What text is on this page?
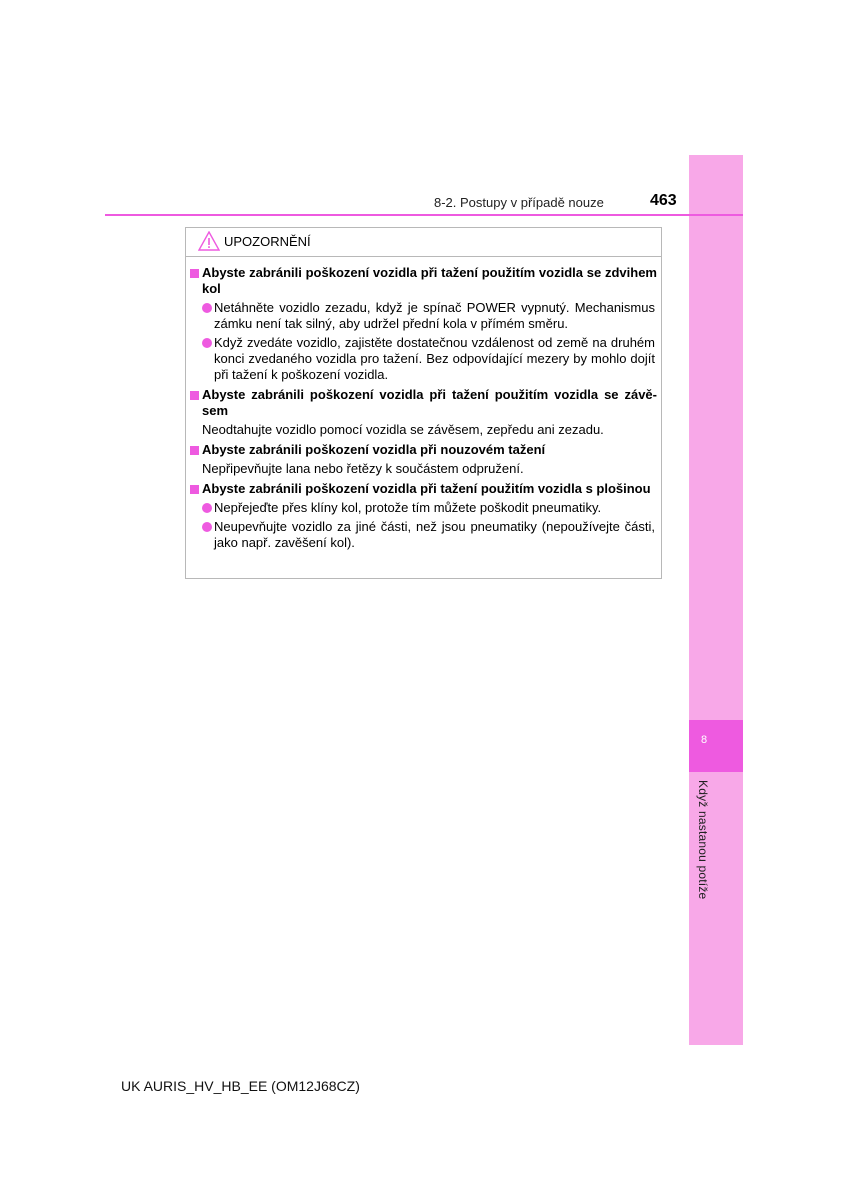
8
Když nastanou potíže
8-2. Postupy v případě nouze	463
UPOZORNĚNÍ
Abyste zabránili poškození vozidla při tažení použitím vozidla se zdvihem kol
Netáhněte vozidlo zezadu, když je spínač POWER vypnutý. Mechanismus zámku není tak silný, aby udržel přední kola v přímém směru.
Když zvedáte vozidlo, zajistěte dostatečnou vzdálenost od země na druhém konci zvedaného vozidla pro tažení. Bez odpovídající mezery by mohlo dojít při tažení k poškození vozidla.
Abyste zabránili poškození vozidla při tažení použitím vozidla se závěsem
Neodtahujte vozidlo pomocí vozidla se závěsem, zepředu ani zezadu.
Abyste zabránili poškození vozidla při nouzovém tažení
Nepřipevňujte lana nebo řetězy k součástem odpružení.
Abyste zabránili poškození vozidla při tažení použitím vozidla s plošinou
Nepřejeďte přes klíny kol, protože tím můžete poškodit pneumatiky.
Neupevňujte vozidlo za jiné části, než jsou pneumatiky (nepoužívejte části, jako např. zavěšení kol).
UK AURIS_HV_HB_EE (OM12J68CZ)
